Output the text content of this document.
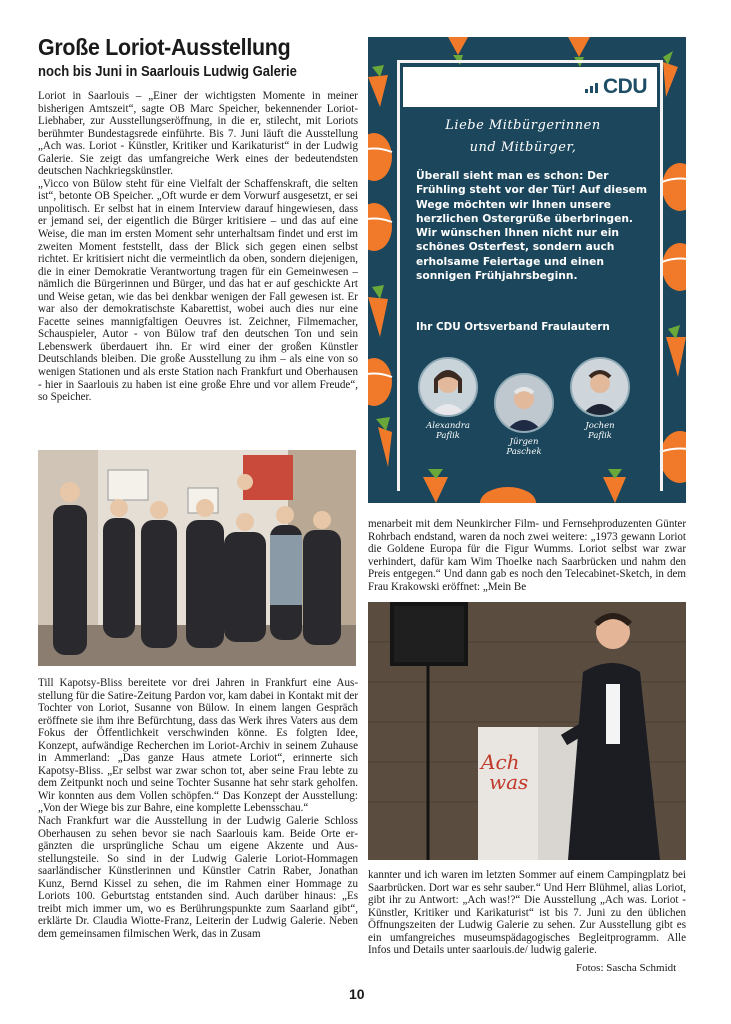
Große Loriot-Ausstellung
noch bis Juni in Saarlouis Ludwig Galerie

Loriot in Saarlouis – „Einer der wichtigsten Momente in meiner bisherigen Amtszeit“, sagte OB Marc Speicher, bekennender Loriot-Liebhaber, zur Ausstellungseröffnung, in die er, stilecht, mit Loriots berühmter Bundestagsrede einführte. Bis 7. Juni läuft die Ausstellung „Ach was. Loriot - Künstler, Kritiker und Karikaturist“ in der Ludwig Galerie. Sie zeigt das umfangreiche Werk eines der bedeutendsten deutschen Nachkriegskünstler.

„Vicco von Bülow steht für eine Vielfalt der Schaffenskraft, die selten ist“, betonte OB Speicher. „Oft wurde er dem Vorwurf ausgesetzt, er sei unpolitisch. Er selbst hat in einem Interview darauf hingewiesen, dass er jemand sei, der eigentlich die Bürger kritisiere – und das auf eine Weise, die man im ersten Moment sehr unterhaltsam findet und erst im zweiten Moment feststellt, dass der Blick sich gegen einen selbst richtet. Er kritisiert nicht die vermeintlich da oben, sondern diejenigen, die in einer Demokratie Verantwortung tragen für ein Gemeinwesen – nämlich die Bürgerinnen und Bürger, und das hat er auf geschickte Art und Weise getan, wie das bei denkbar wenigen der Fall gewesen ist. Er war also der demokratischste Kabarettist, wobei auch dies nur eine Facette seines mannigfaltigen Oeuvres ist. Zeichner, Filmemacher, Schauspieler, Autor - von Bülow traf den deutschen Ton und sein Lebenswerk überdauert ihn. Er wird einer der großen Künstler Deutschlands bleiben. Die große Ausstellung zu ihm – als eine von so wenigen Stationen und als erste Station nach Frankfurt und Oberhausen - hier in Saarlouis zu haben ist eine große Ehre und vor allem Freude“, so Speicher.

Till Kapotsy-Bliss bereitete vor drei Jahren in Frankfurt eine Ausstellung für die Satire-Zeitung Pardon vor, kam dabei in Kontakt mit der Tochter von Loriot, Susanne von Bülow. In einem langen Gespräch eröffnete sie ihm ihre Befürchtung, dass das Werk ihres Vaters aus dem Fokus der Öffentlichkeit verschwinden könne. Es folgten Idee, Konzept, aufwändige Recherchen im Loriot-Archiv in seinem Zuhause in Ammerland: „Das ganze Haus atmete Loriot“, erinnerte sich Kapotsy-Bliss. „Er selbst war zwar schon tot, aber seine Frau lebte zu dem Zeitpunkt noch und seine Tochter Susanne hat sehr stark geholfen. Wir konnten aus dem Vollen schöpfen.“ Das Konzept der Ausstellung: „Von der Wiege bis zur Bahre, eine komplette Lebensschau.“

Nach Frankfurt war die Ausstellung in der Ludwig Galerie Schloss Oberhausen zu sehen bevor sie nach Saarlouis kam. Beide Orte ergänzten die ursprüngliche Schau um eigene Akzente und Ausstellungsteile. So sind in der Ludwig Galerie Loriot-Hommagen saarländischer Künstlerinnen und Künstler Catrin Raber, Jonathan Kunz, Bernd Kissel zu sehen, die im Rahmen einer Hommage zu Loriots 100. Geburtstag entstanden sind. Auch darüber hinaus: „Es treibt mich immer um, wo es Berührungspunkte zum Saarland gibt“, erklärte Dr. Claudia Wiotte-Franz, Leiterin der Ludwig Galerie. Neben dem gemeinsamen filmischen Werk, das in Zusam

CDU
Liebe Mitbürgerinnen
und Mitbürger,
Überall sieht man es schon: Der Frühling steht vor der Tür! Auf diesem Wege möchten wir Ihnen unsere herzlichen Ostergrüße überbringen. Wir wünschen Ihnen nicht nur ein schönes Osterfest, sondern auch erholsame Feiertage und einen sonnigen Frühjahrsbeginn.
Ihr CDU Ortsverband Fraulautern
Alexandra
Paflik
Jürgen
Paschek
Jochen
Paflik
menarbeit mit dem Neunkircher Film- und Fernsehproduzenten Günter Rohrbach endstand, waren da noch zwei weitere: „1973 gewann Loriot die Goldene Europa für die Figur Wumms. Loriot selbst war zwar verhindert, dafür kam Wim Thoelke nach Saarbrücken und nahm den Preis entgegen.“ Und dann gab es noch den Telecabinet-Sketch, in dem Frau Krakowski eröffnet: „Mein Be
Ach
was
kannter und ich waren im letzten Sommer auf einem Campingplatz bei Saarbrücken. Dort war es sehr sauber.“ Und Herr Blühmel, alias Loriot, gibt ihr zu Antwort: „Ach was!?“ Die Ausstellung „Ach was. Loriot - Künstler, Kritiker und Karikaturist“ ist bis 7. Juni zu den üblichen Öffnungszeiten der Ludwig Galerie zu sehen. Zur Ausstellung gibt es ein umfangreiches museumspädagogisches Begleitprogramm. Alle Infos und Details unter saarlouis.de/ ludwig galerie.
Fotos: Sascha Schmidt
10
